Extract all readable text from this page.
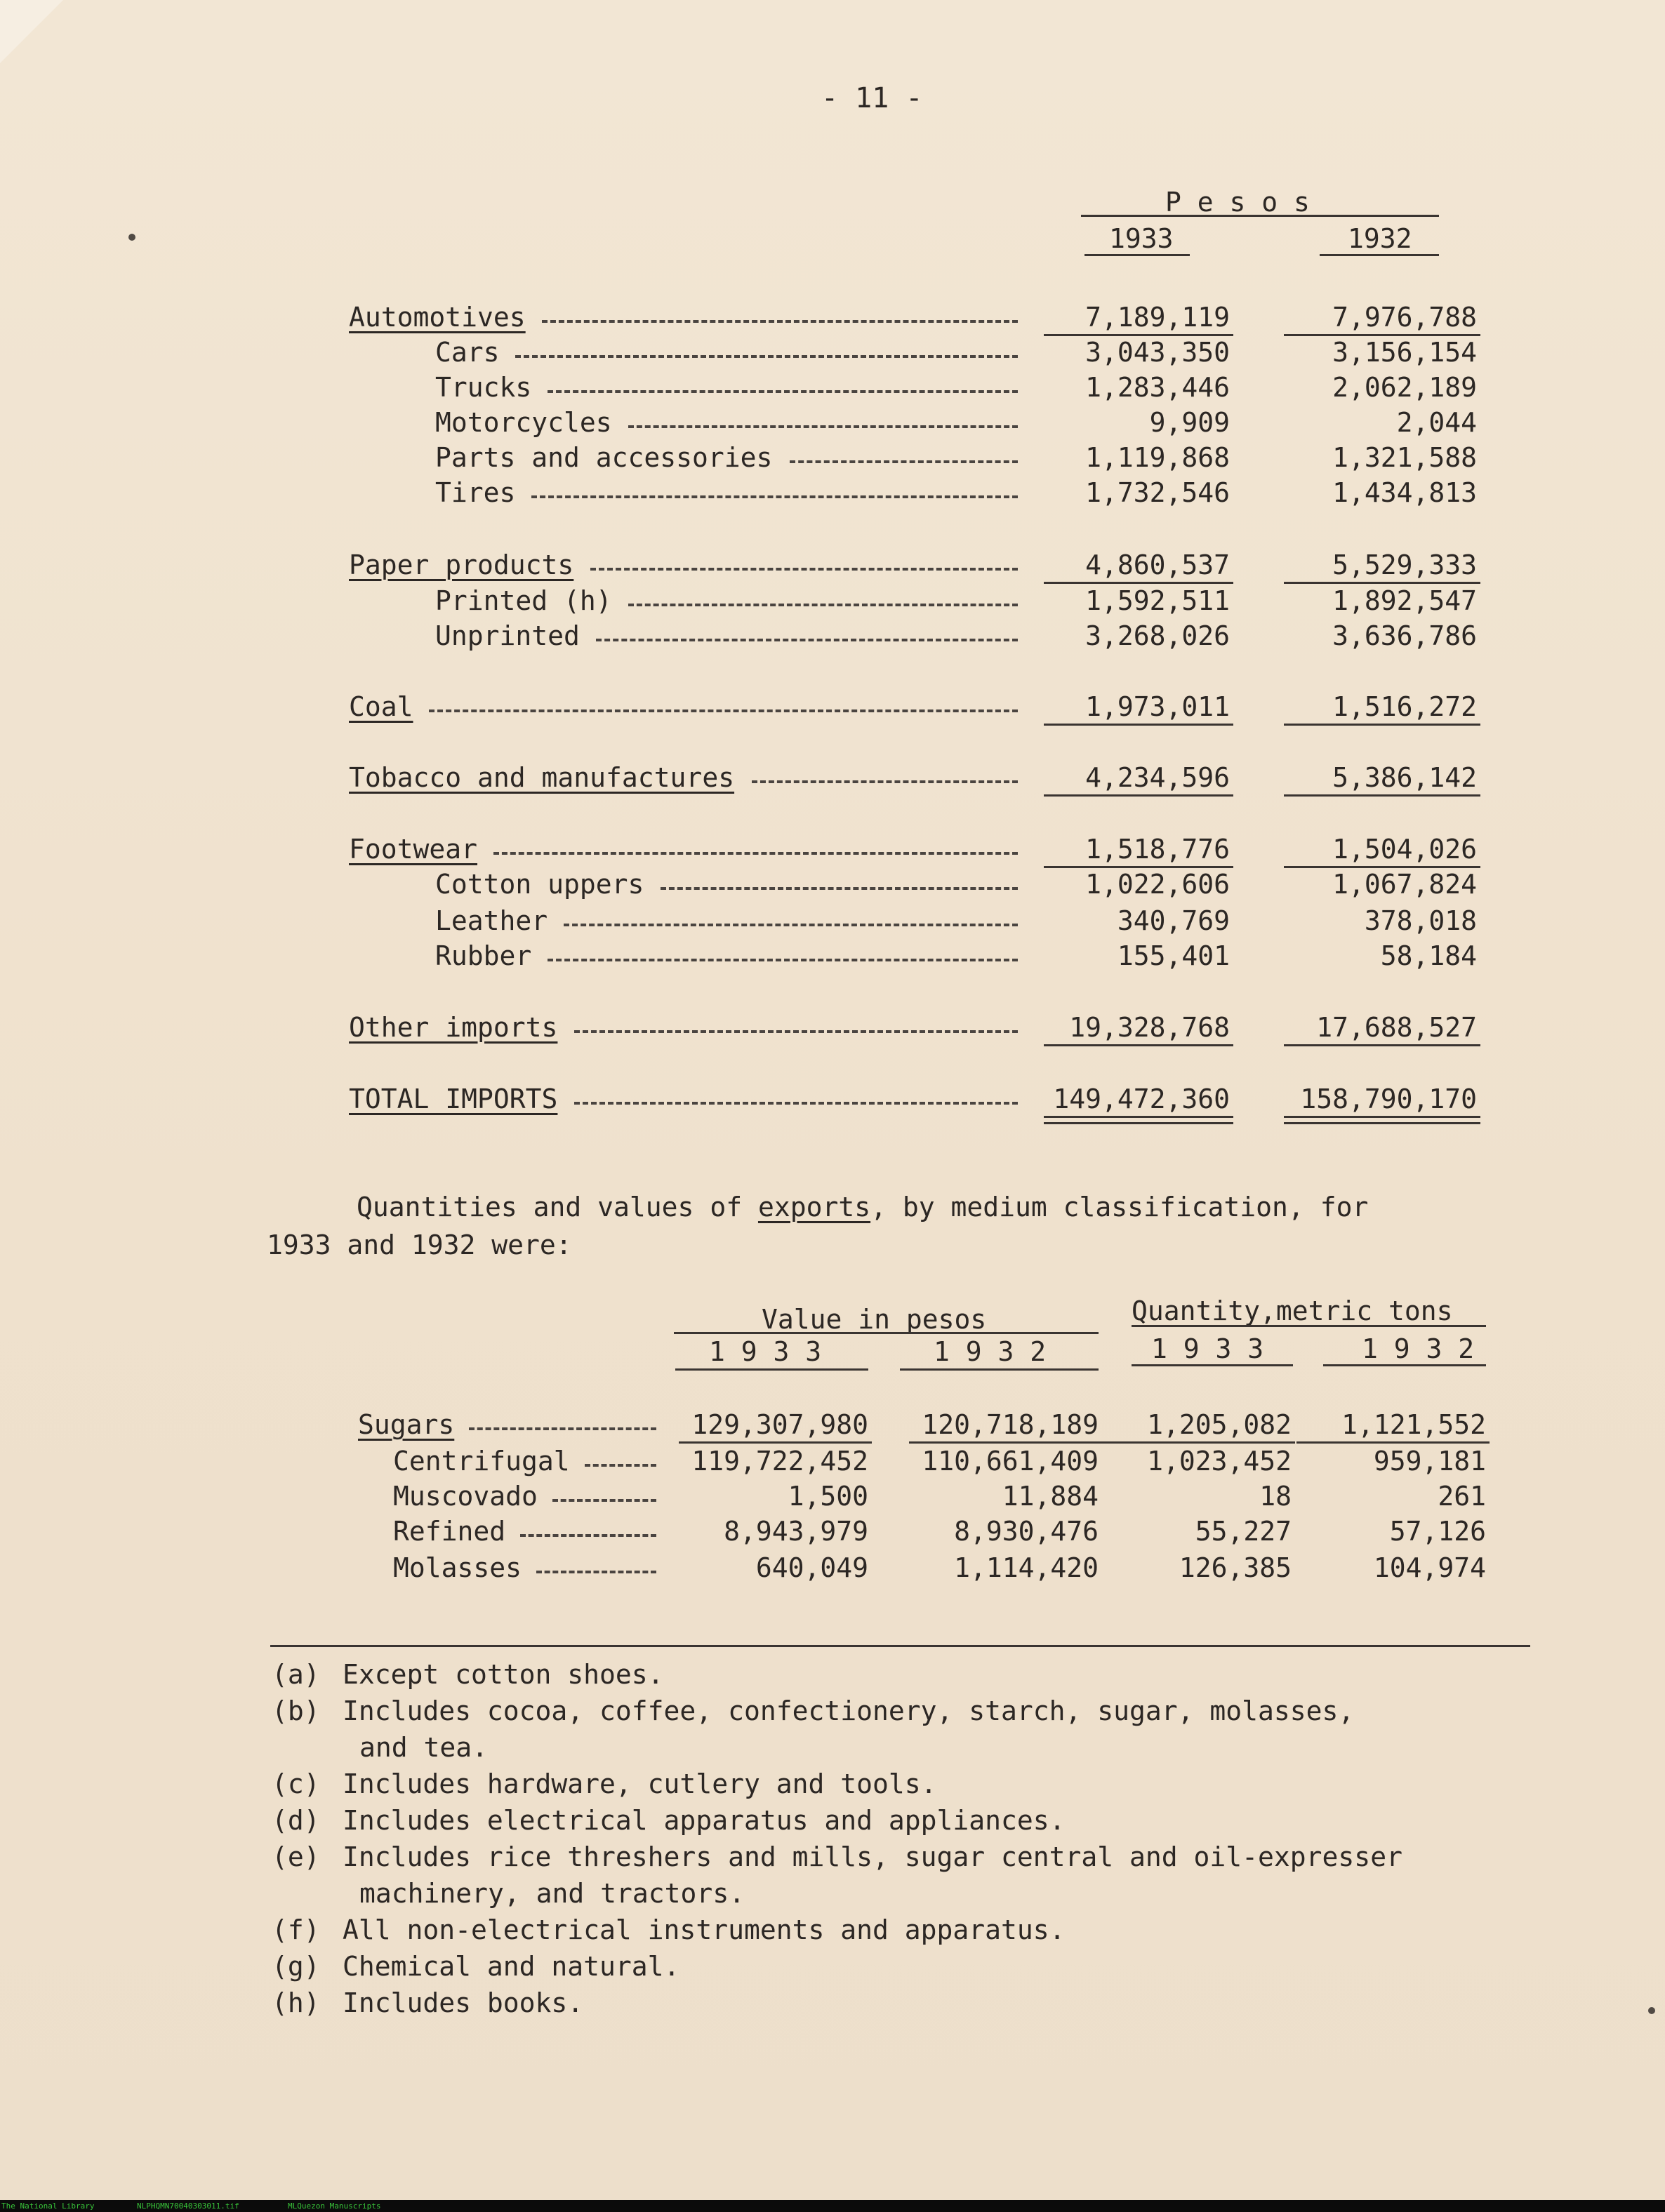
- 11 -
P e s o s
1933	1932
Automotives	7,189,119	7,976,788
Cars	3,043,350	3,156,154
Trucks	1,283,446	2,062,189
Motorcycles	9,909	2,044
Parts and accessories	1,119,868	1,321,588
Tires	1,732,546	1,434,813
Paper products	4,860,537	5,529,333
Printed (h)	1,592,511	1,892,547
Unprinted	3,268,026	3,636,786
Coal	1,973,011	1,516,272
Tobacco and manufactures	4,234,596	5,386,142
Footwear	1,518,776	1,504,026
Cotton uppers	1,022,606	1,067,824
Leather	340,769	378,018
Rubber	155,401	58,184
Other imports	19,328,768	17,688,527
TOTAL IMPORTS	149,472,360	158,790,170
Quantities and values of exports, by medium classification, for
1933 and 1932 were:
Value in pesos	Quantity,metric tons
1 9 3 3	1 9 3 2	1 9 3 3	1 9 3 2
Sugars	129,307,980	120,718,189	1,205,082	1,121,552
Centrifugal	119,722,452	110,661,409	1,023,452	959,181
Muscovado	1,500	11,884	18	261
Refined	8,943,979	8,930,476	55,227	57,126
Molasses	640,049	1,114,420	126,385	104,974
(a) Except cotton shoes.
(b) Includes cocoa, coffee, confectionery, starch, sugar, molasses,
and tea.
(c) Includes hardware, cutlery and tools.
(d) Includes electrical apparatus and appliances.
(e) Includes rice threshers and mills, sugar central and oil-expresser
machinery, and tractors.
(f) All non-electrical instruments and apparatus.
(g) Chemical and natural.
(h) Includes books.
The National Library	NLPHQMN70040303011.tif	MLQuezon Manuscripts
